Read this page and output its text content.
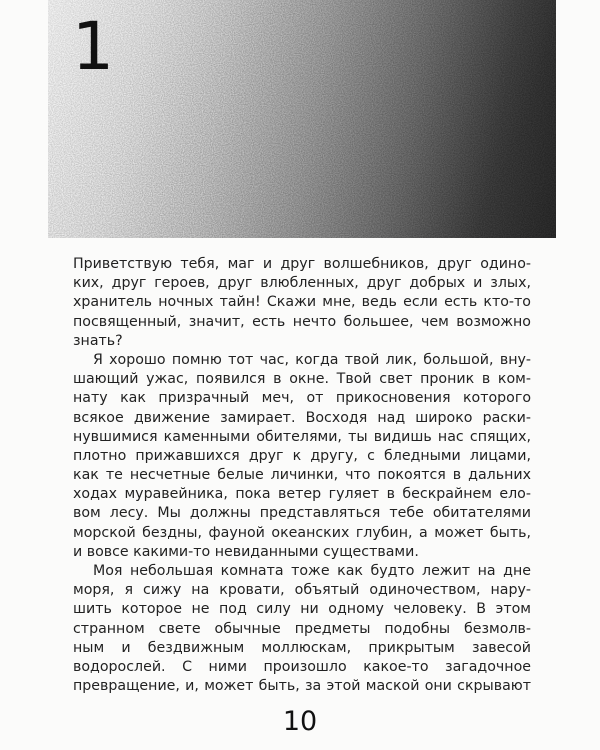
1
Приветствую тебя, маг и друг волшебников, друг одино-
ких, друг героев, друг влюбленных, друг добрых и злых,
хранитель ночных тайн! Скажи мне, ведь если есть кто-то
посвященный, значит, есть нечто большее, чем возможно
знать?
Я хорошо помню тот час, когда твой лик, большой, вну-
шающий ужас, появился в окне. Твой свет проник в ком-
нату как призрачный меч, от прикосновения которого
всякое движение замирает. Восходя над широко раски-
нувшимися каменными обителями, ты видишь нас спящих,
плотно прижавшихся друг к другу, с бледными лицами,
как те несчетные белые личинки, что покоятся в дальних
ходах муравейника, пока ветер гуляет в бескрайнем ело-
вом лесу. Мы должны представляться тебе обитателями
морской бездны, фауной океанских глубин, а может быть,
и вовсе какими-то невиданными существами.
Моя небольшая комната тоже как будто лежит на дне
моря, я сижу на кровати, объятый одиночеством, нару-
шить которое не под силу ни одному человеку. В этом
странном свете обычные предметы подобны безмолв-
ным и бездвижным моллюскам, прикрытым завесой
водорослей. С ними произошло какое-то загадочное
превращение, и, может быть, за этой маской они скрывают
10
